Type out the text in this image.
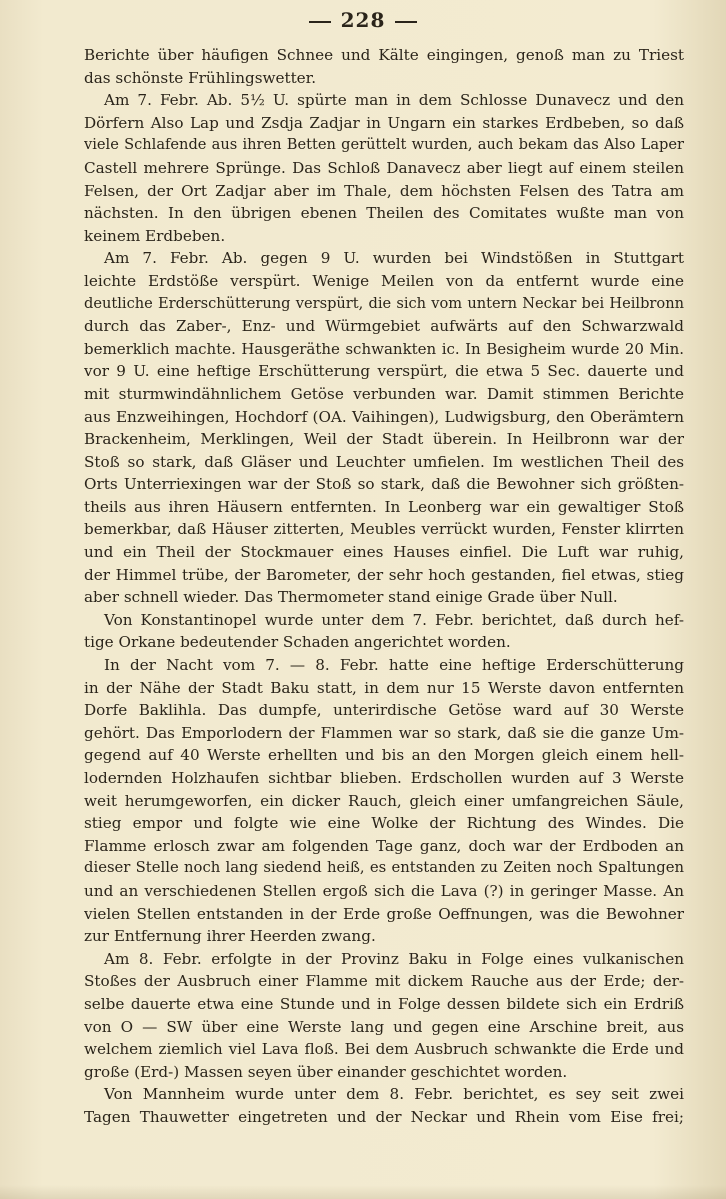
228
Berichte über häufigen Schnee und Kälte eingingen, genoß man zu Triest
das schönste Frühlingswetter.
Am 7. Febr. Ab. 5½ U. spürte man in dem Schlosse Dunavecz und den
Dörfern Also Lap und Zsdja Zadjar in Ungarn ein starkes Erdbeben, so daß
viele Schlafende aus ihren Betten gerüttelt wurden, auch bekam das Also Laper
Castell mehrere Sprünge. Das Schloß Danavecz aber liegt auf einem steilen
Felsen, der Ort Zadjar aber im Thale, dem höchsten Felsen des Tatra am
nächsten. In den übrigen ebenen Theilen des Comitates wußte man von
keinem Erdbeben.
Am 7. Febr. Ab. gegen 9 U. wurden bei Windstößen in Stuttgart
leichte Erdstöße verspürt. Wenige Meilen von da entfernt wurde eine
deutliche Erderschütterung verspürt, die sich vom untern Neckar bei Heilbronn
durch das Zaber-, Enz- und Würmgebiet aufwärts auf den Schwarzwald
bemerklich machte. Hausgeräthe schwankten ic. In Besigheim wurde 20 Min.
vor 9 U. eine heftige Erschütterung verspürt, die etwa 5 Sec. dauerte und
mit sturmwindähnlichem Getöse verbunden war. Damit stimmen Berichte
aus Enzweihingen, Hochdorf (OA. Vaihingen), Ludwigsburg, den Oberämtern
Brackenheim, Merklingen, Weil der Stadt überein. In Heilbronn war der
Stoß so stark, daß Gläser und Leuchter umfielen. Im westlichen Theil des
Orts Unterriexingen war der Stoß so stark, daß die Bewohner sich größten-
theils aus ihren Häusern entfernten. In Leonberg war ein gewaltiger Stoß
bemerkbar, daß Häuser zitterten, Meubles verrückt wurden, Fenster klirrten
und ein Theil der Stockmauer eines Hauses einfiel. Die Luft war ruhig,
der Himmel trübe, der Barometer, der sehr hoch gestanden, fiel etwas, stieg
aber schnell wieder. Das Thermometer stand einige Grade über Null.
Von Konstantinopel wurde unter dem 7. Febr. berichtet, daß durch hef-
tige Orkane bedeutender Schaden angerichtet worden.
In der Nacht vom 7. — 8. Febr. hatte eine heftige Erderschütterung
in der Nähe der Stadt Baku statt, in dem nur 15 Werste davon entfernten
Dorfe Baklihla. Das dumpfe, unterirdische Getöse ward auf 30 Werste
gehört. Das Emporlodern der Flammen war so stark, daß sie die ganze Um-
gegend auf 40 Werste erhellten und bis an den Morgen gleich einem hell-
lodernden Holzhaufen sichtbar blieben. Erdschollen wurden auf 3 Werste
weit herumgeworfen, ein dicker Rauch, gleich einer umfangreichen Säule,
stieg empor und folgte wie eine Wolke der Richtung des Windes. Die
Flamme erlosch zwar am folgenden Tage ganz, doch war der Erdboden an
dieser Stelle noch lang siedend heiß, es entstanden zu Zeiten noch Spaltungen
und an verschiedenen Stellen ergoß sich die Lava (?) in geringer Masse. An
vielen Stellen entstanden in der Erde große Oeffnungen, was die Bewohner
zur Entfernung ihrer Heerden zwang.
Am 8. Febr. erfolgte in der Provinz Baku in Folge eines vulkanischen
Stoßes der Ausbruch einer Flamme mit dickem Rauche aus der Erde; der-
selbe dauerte etwa eine Stunde und in Folge dessen bildete sich ein Erdriß
von O — SW über eine Werste lang und gegen eine Arschine breit, aus
welchem ziemlich viel Lava floß. Bei dem Ausbruch schwankte die Erde und
große (Erd-) Massen seyen über einander geschichtet worden.
Von Mannheim wurde unter dem 8. Febr. berichtet, es sey seit zwei
Tagen Thauwetter eingetreten und der Neckar und Rhein vom Eise frei;
